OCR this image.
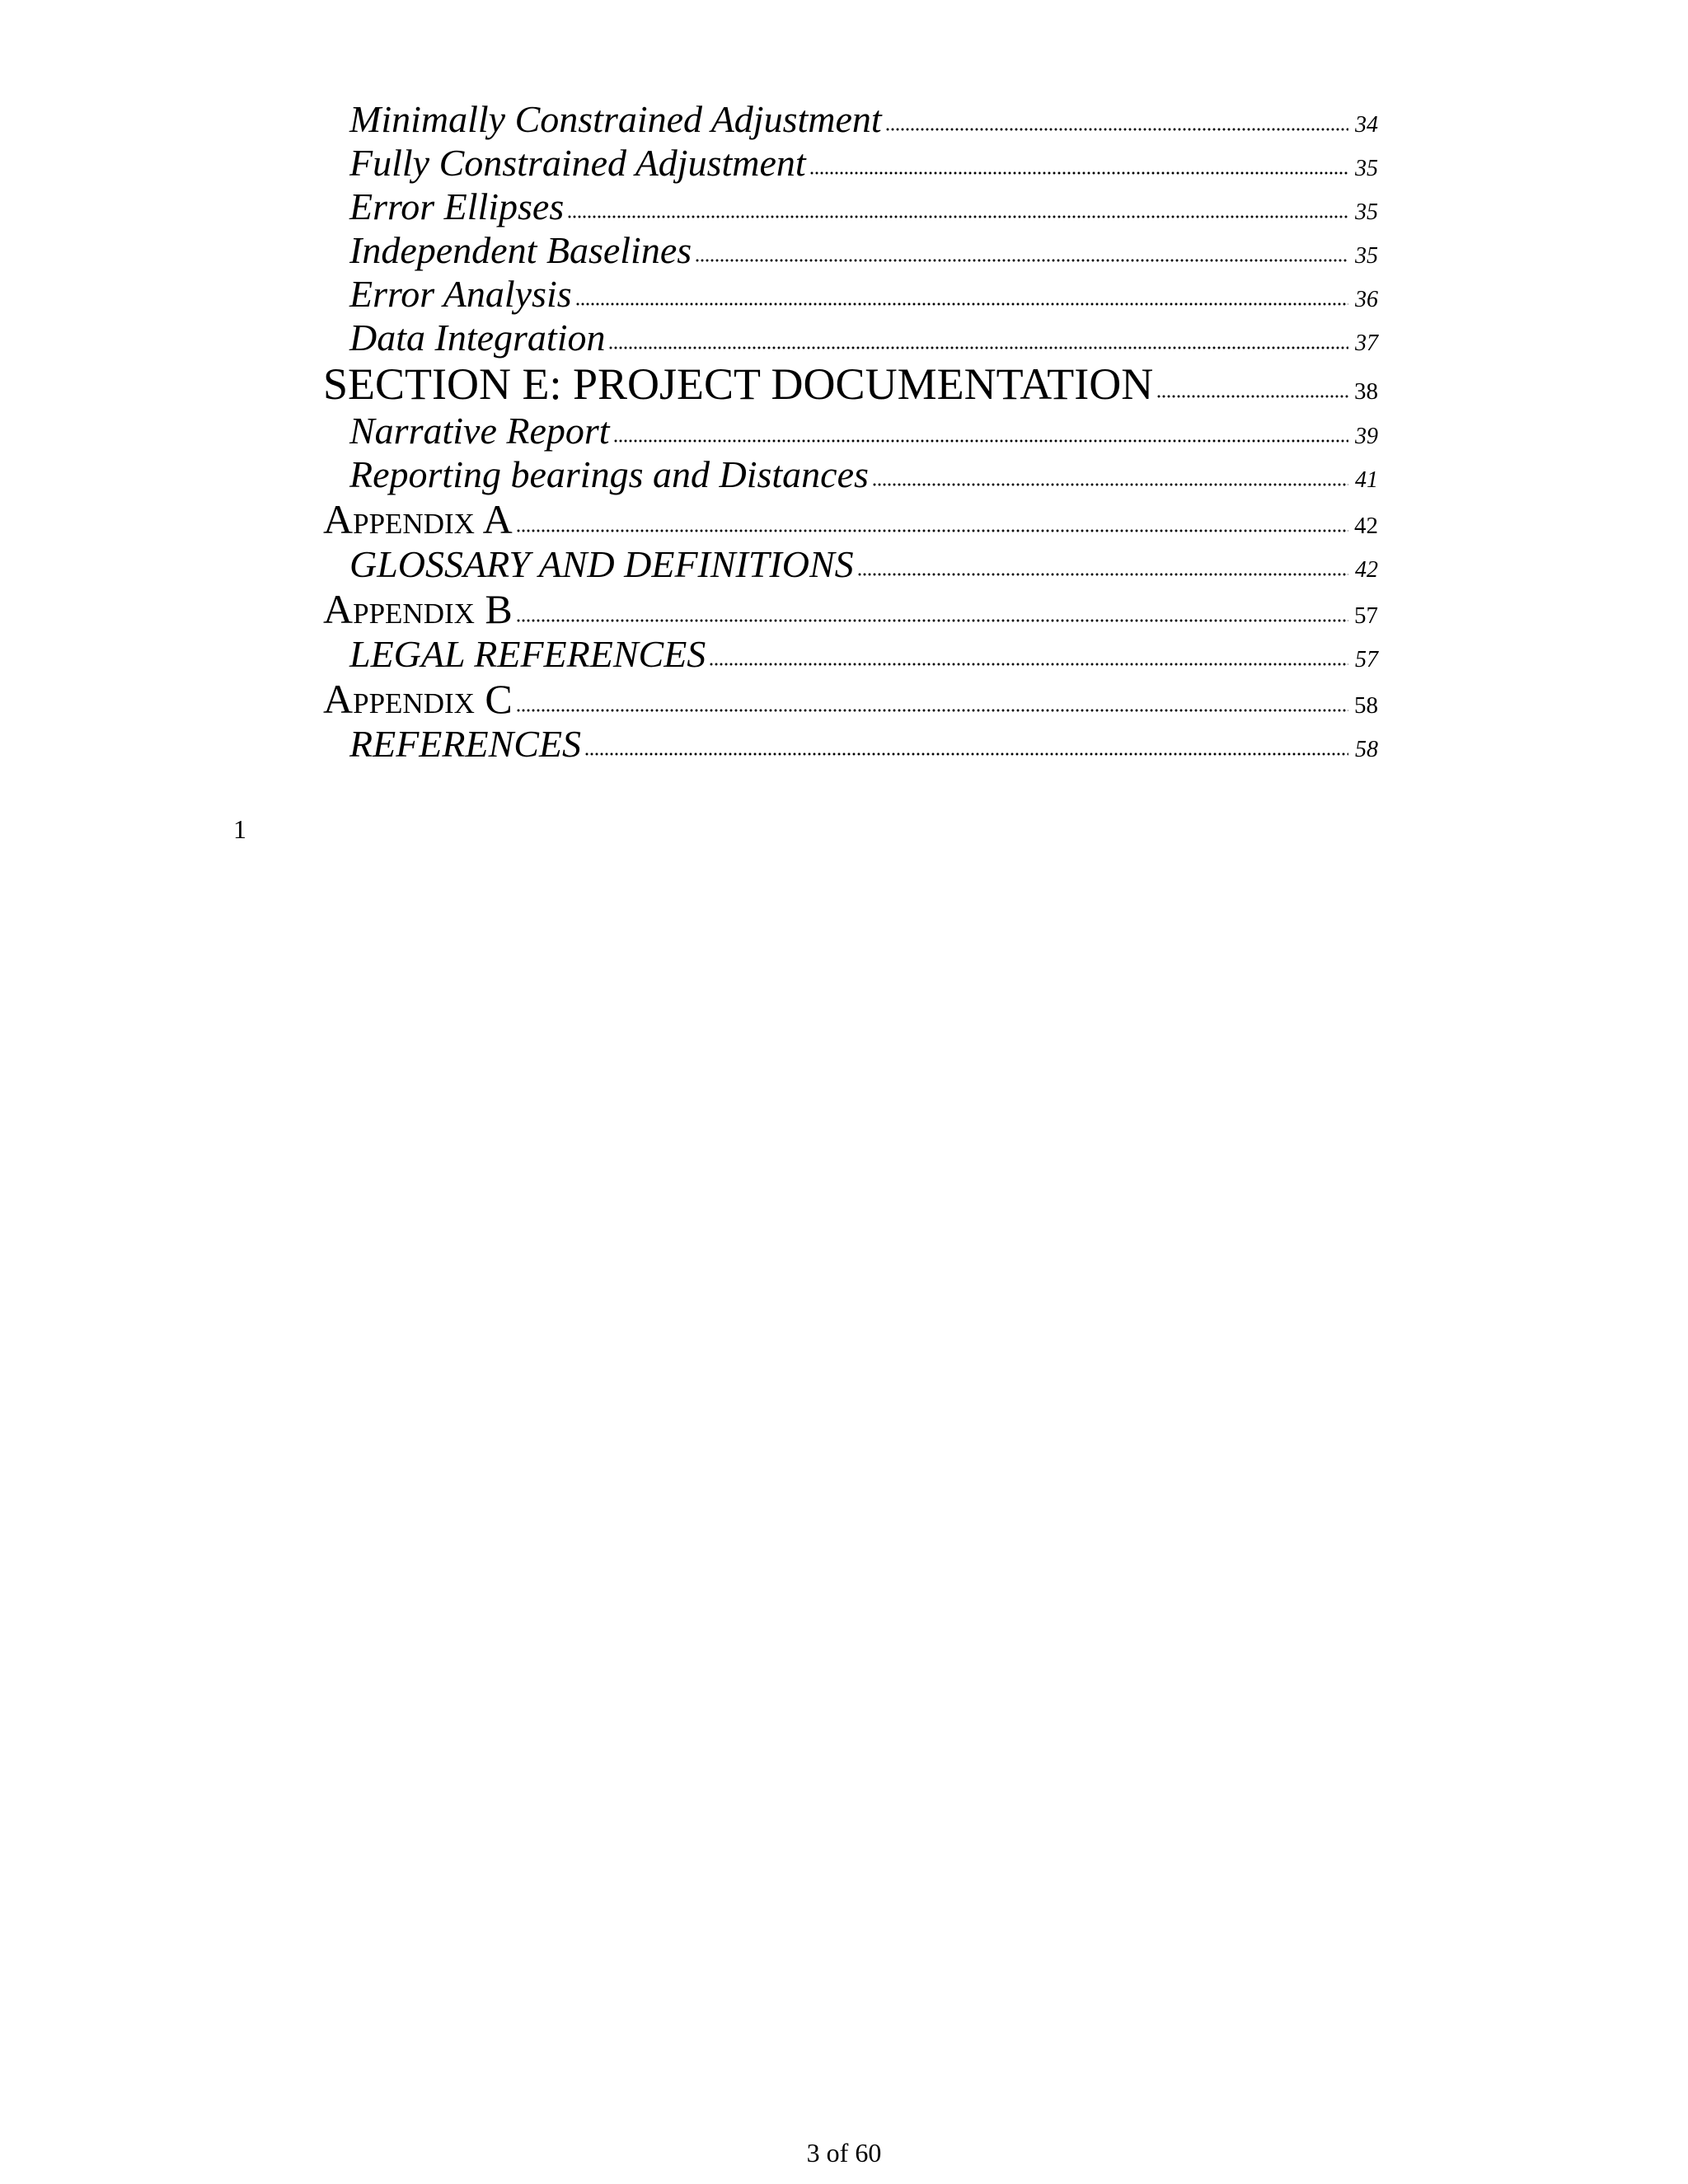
Minimally Constrained Adjustment	34
Fully Constrained Adjustment	35
Error Ellipses	35
Independent Baselines	35
Error Analysis	36
Data Integration	37
SECTION E: PROJECT DOCUMENTATION	38
Narrative Report	39
Reporting bearings and Distances	41
Appendix A	42
GLOSSARY AND DEFINITIONS	42
Appendix B	57
LEGAL REFERENCES	57
Appendix C	58
REFERENCES	58
1
3 of 60
